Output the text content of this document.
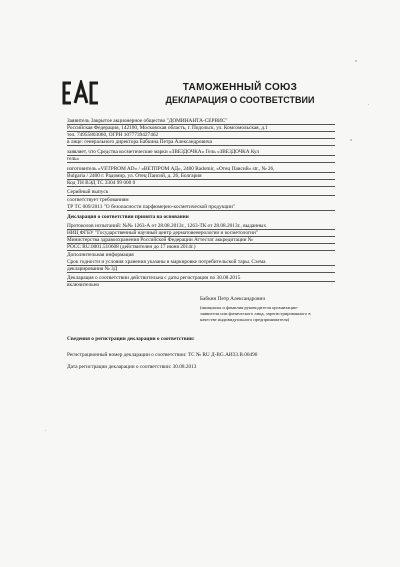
ТАМОЖЕННЫЙ СОЮЗ
ДЕКЛАРАЦИЯ О СООТВЕТСТВИИ
Заявитель Закрытое акционерное общество "ДОМИНАНТА-СЕРВИС"
Российская Федерация, 142100, Московская область, г. Подольск, ул. Комсомольская, д.1
тел. 74955803060, ОГРН 1077739427462
в лице: генерального директора Бабкина Петра Александровича
заявляет, что Средства косметические марки «ЗВЕЗДОЧКА» Гель «ЗВЕЗДОЧКА Кул
гель»
изготовитель «VETPROM AD» / «ВЕТПРОМ АД», 2400 Radomir, «Отец Паисий» str., № 26,
Bulgaria / 2400 г. Радомир, ул. Отец Паисий, д. 26, Болгария
Код ТН ВЭД ТС 3304 99 000 0
Серийный выпуск
соответствует требованиям
ТР ТС 009/2011 "О безопасности парфюмерно-косметической продукции"
Декларация о соответствии принята на основании
Протоколов испытаний: №№ 1263-А от 28.08.2013г., 1263-ТК от 28.08.2013г., выданных
НИЦ ФГБУ "Государственный научный центр дерматовенерологии и косметологии"
Министерства здравоохранения Российской Федерации Аттестат аккредитации №
РОСС RU.0001.510608 (действителен до 17 июня 2014г.)
Дополнительная информация
Срок годности и условия хранения указаны в маркировке потребительской тары. Схема
декларирования № 3Д
Декларация о соответствии действительна с даты регистрации по 30.08.2015
включительно
Бабкин Петр Александрович
(инициалы и фамилия руководителя организации-
заявителя или физического лица, зарегистрированного в
качестве индивидуального предпринимателя)
Сведения о регистрации декларации о соответствии:
Регистрационный номер декларации о соответствии: ТС № RU Д-BG.АИ33.В.00490
Дата регистрации декларации о соответствии: 30.08.2013
